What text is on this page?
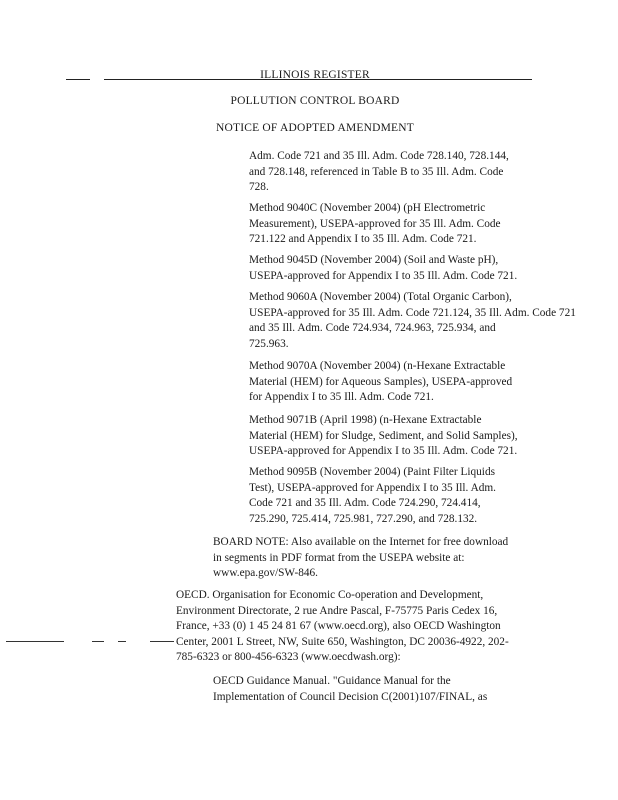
ILLINOIS REGISTER
POLLUTION CONTROL BOARD
NOTICE OF ADOPTED AMENDMENT
Adm. Code 721 and 35 Ill. Adm. Code 728.140, 728.144,
and 728.148, referenced in Table B to 35 Ill. Adm. Code
728.
Method 9040C (November 2004) (pH Electrometric
Measurement), USEPA-approved for 35 Ill. Adm. Code
721.122 and Appendix I to 35 Ill. Adm. Code 721.
Method 9045D (November 2004) (Soil and Waste pH),
USEPA-approved for Appendix I to 35 Ill. Adm. Code 721.
Method 9060A (November 2004) (Total Organic Carbon),
USEPA-approved for 35 Ill. Adm. Code 721.124, 35 Ill. Adm. Code 721
and 35 Ill. Adm. Code 724.934, 724.963, 725.934, and
725.963.
Method 9070A (November 2004) (n-Hexane Extractable
Material (HEM) for Aqueous Samples), USEPA-approved
for Appendix I to 35 Ill. Adm. Code 721.
Method 9071B (April 1998) (n-Hexane Extractable
Material (HEM) for Sludge, Sediment, and Solid Samples),
USEPA-approved for Appendix I to 35 Ill. Adm. Code 721.
Method 9095B (November 2004) (Paint Filter Liquids
Test), USEPA-approved for Appendix I to 35 Ill. Adm.
Code 721 and 35 Ill. Adm. Code 724.290, 724.414,
725.290, 725.414, 725.981, 727.290, and 728.132.
BOARD NOTE: Also available on the Internet for free download
in segments in PDF format from the USEPA website at:
www.epa.gov/SW-846.
OECD. Organisation for Economic Co-operation and Development,
Environment Directorate, 2 rue Andre Pascal, F-75775 Paris Cedex 16,
France, +33 (0) 1 45 24 81 67 (www.oecd.org), also OECD Washington
Center, 2001 L Street, NW, Suite 650, Washington, DC 20036-4922, 202-
785-6323 or 800-456-6323 (www.oecdwash.org):
OECD Guidance Manual. "Guidance Manual for the
Implementation of Council Decision C(2001)107/FINAL, as
